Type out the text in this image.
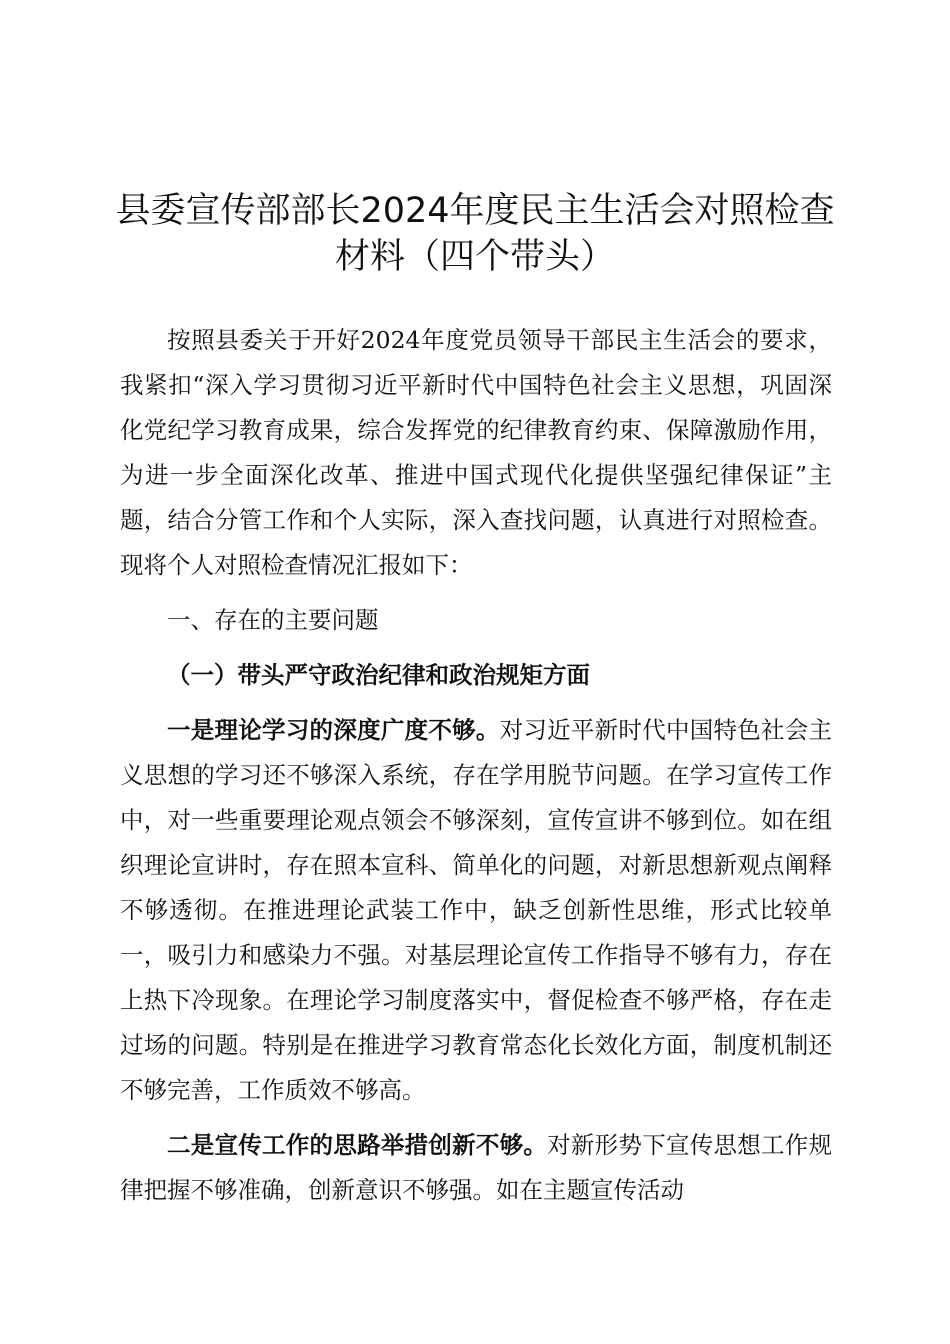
县委宣传部部长2024年度民主生活会对照检查材料（四个带头）

按照县委关于开好2024年度党员领导干部民主生活会的要求，我紧扣“深入学习贯彻习近平新时代中国特色社会主义思想，巩固深化党纪学习教育成果，综合发挥党的纪律教育约束、保障激励作用，为进一步全面深化改革、推进中国式现代化提供坚强纪律保证”主题，结合分管工作和个人实际，深入查找问题，认真进行对照检查。现将个人对照检查情况汇报如下：

一、存在的主要问题

（一）带头严守政治纪律和政治规矩方面

一是理论学习的深度广度不够。对习近平新时代中国特色社会主义思想的学习还不够深入系统，存在学用脱节问题。在学习宣传工作中，对一些重要理论观点领会不够深刻，宣传宣讲不够到位。如在组织理论宣讲时，存在照本宣科、简单化的问题，对新思想新观点阐释不够透彻。在推进理论武装工作中，缺乏创新性思维，形式比较单一，吸引力和感染力不强。对基层理论宣传工作指导不够有力，存在上热下冷现象。在理论学习制度落实中，督促检查不够严格，存在走过场的问题。特别是在推进学习教育常态化长效化方面，制度机制还不够完善，工作质效不够高。

二是宣传工作的思路举措创新不够。对新形势下宣传思想工作规律把握不够准确，创新意识不够强。如在主题宣传活动
